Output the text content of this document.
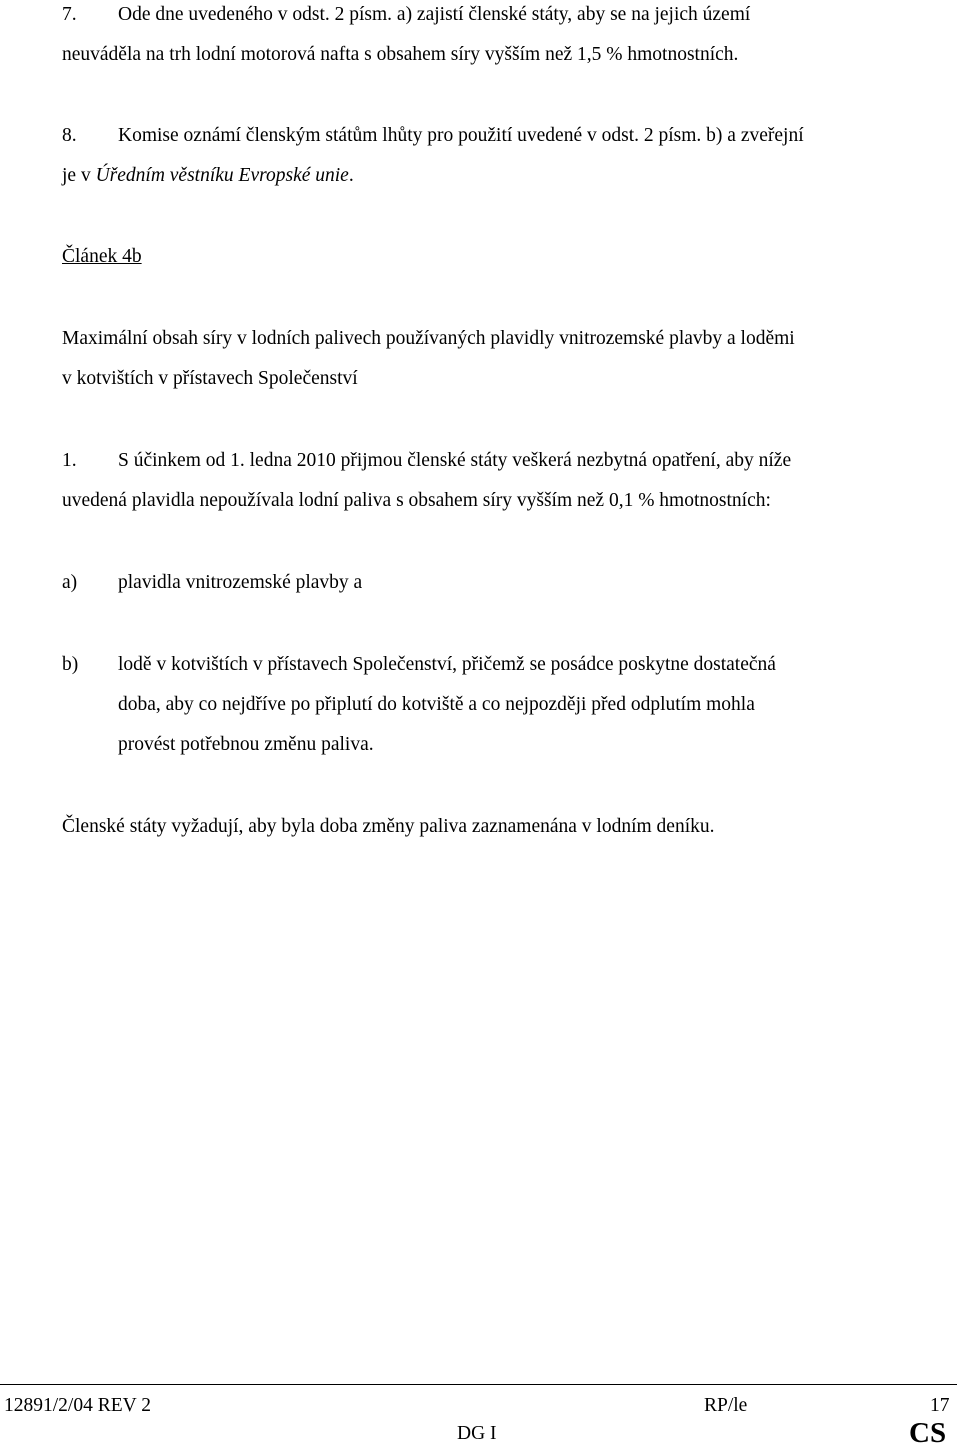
7. Ode dne uvedeného v odst. 2 písm. a) zajistí členské státy, aby se na jejich území
neuváděla na trh lodní motorová nafta s obsahem síry vyšším než 1,5 % hmotnostních.
8. Komise oznámí členským státům lhůty pro použití uvedené v odst. 2 písm. b) a zveřejní
je v Úředním věstníku Evropské unie.
Článek 4b
Maximální obsah síry v lodních palivech používaných plavidly vnitrozemské plavby a loděmi
v kotvištích v přístavech Společenství
1. S účinkem od 1. ledna 2010 přijmou členské státy veškerá nezbytná opatření, aby níže
uvedená plavidla nepoužívala lodní paliva s obsahem síry vyšším než 0,1 % hmotnostních:
a) plavidla vnitrozemské plavby a
b) lodě v kotvištích v přístavech Společenství, přičemž se posádce poskytne dostatečná
doba, aby co nejdříve po připlutí do kotviště a co nejpozději před odplutím mohla
provést potřebnou změnu paliva.
Členské státy vyžadují, aby byla doba změny paliva zaznamenána v lodním deníku.
12891/2/04 REV 2	RP/le	17
DG I	CS
